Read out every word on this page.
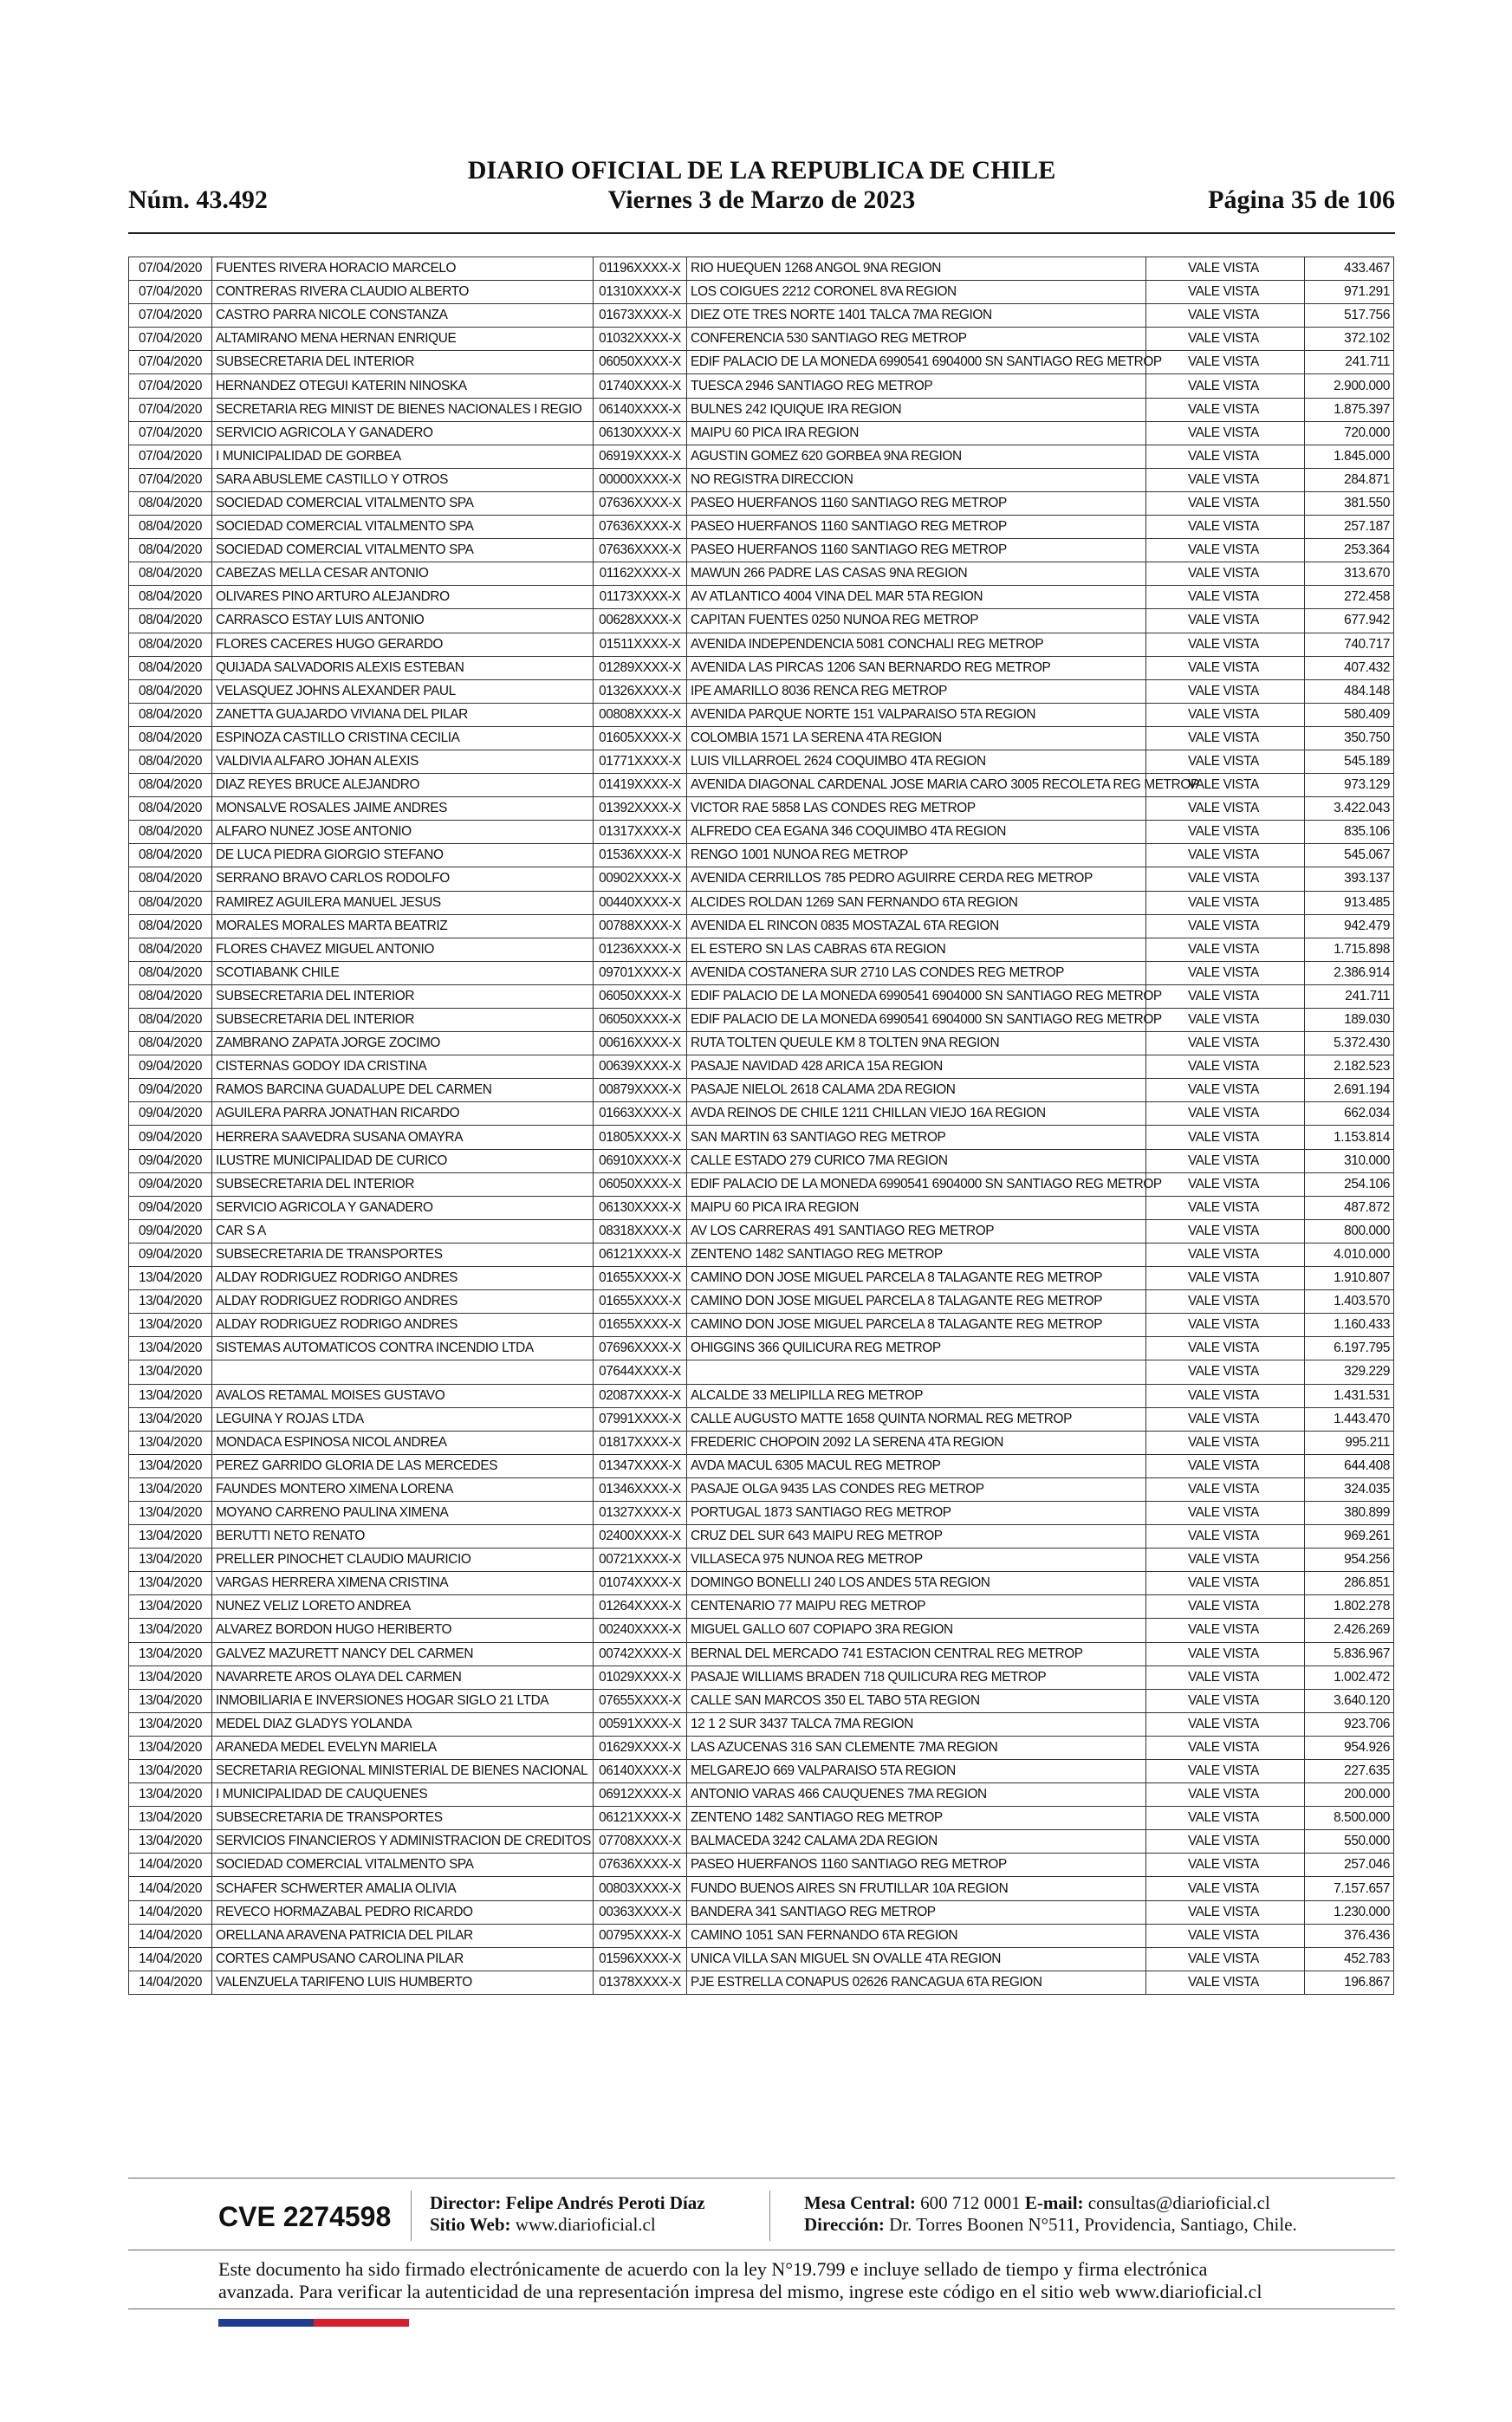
Núm. 43.492
DIARIO OFICIAL DE LA REPUBLICA DE CHILE
Viernes 3 de Marzo de 2023	Página 35 de 106
07/04/2020	FUENTES RIVERA HORACIO MARCELO	01196XXXX-X	RIO HUEQUEN 1268 ANGOL 9NA REGION	VALE VISTA	433.467
07/04/2020	CONTRERAS RIVERA CLAUDIO ALBERTO	01310XXXX-X	LOS COIGUES 2212 CORONEL 8VA REGION	VALE VISTA	971.291
07/04/2020	CASTRO PARRA NICOLE CONSTANZA	01673XXXX-X	DIEZ OTE TRES NORTE 1401 TALCA 7MA REGION	VALE VISTA	517.756
07/04/2020	ALTAMIRANO MENA HERNAN ENRIQUE	01032XXXX-X	CONFERENCIA 530 SANTIAGO REG METROP	VALE VISTA	372.102
07/04/2020	SUBSECRETARIA DEL INTERIOR	06050XXXX-X	EDIF PALACIO DE LA MONEDA 6990541 6904000 SN SANTIAGO REG METROP	VALE VISTA	241.711
07/04/2020	HERNANDEZ OTEGUI KATERIN NINOSKA	01740XXXX-X	TUESCA 2946 SANTIAGO REG METROP	VALE VISTA	2.900.000
07/04/2020	SECRETARIA REG MINIST DE BIENES NACIONALES I REGIO	06140XXXX-X	BULNES 242 IQUIQUE IRA REGION	VALE VISTA	1.875.397
07/04/2020	SERVICIO AGRICOLA Y GANADERO	06130XXXX-X	MAIPU 60 PICA IRA REGION	VALE VISTA	720.000
07/04/2020	I MUNICIPALIDAD DE GORBEA	06919XXXX-X	AGUSTIN GOMEZ 620 GORBEA 9NA REGION	VALE VISTA	1.845.000
07/04/2020	SARA ABUSLEME CASTILLO Y OTROS	00000XXXX-X	NO REGISTRA DIRECCION	VALE VISTA	284.871
08/04/2020	SOCIEDAD COMERCIAL VITALMENTO SPA	07636XXXX-X	PASEO HUERFANOS 1160 SANTIAGO REG METROP	VALE VISTA	381.550
08/04/2020	SOCIEDAD COMERCIAL VITALMENTO SPA	07636XXXX-X	PASEO HUERFANOS 1160 SANTIAGO REG METROP	VALE VISTA	257.187
08/04/2020	SOCIEDAD COMERCIAL VITALMENTO SPA	07636XXXX-X	PASEO HUERFANOS 1160 SANTIAGO REG METROP	VALE VISTA	253.364
08/04/2020	CABEZAS MELLA CESAR ANTONIO	01162XXXX-X	MAWUN 266 PADRE LAS CASAS 9NA REGION	VALE VISTA	313.670
08/04/2020	OLIVARES PINO ARTURO ALEJANDRO	01173XXXX-X	AV ATLANTICO 4004 VINA DEL MAR 5TA REGION	VALE VISTA	272.458
08/04/2020	CARRASCO ESTAY LUIS ANTONIO	00628XXXX-X	CAPITAN FUENTES 0250 NUNOA REG METROP	VALE VISTA	677.942
08/04/2020	FLORES CACERES HUGO GERARDO	01511XXXX-X	AVENIDA INDEPENDENCIA 5081 CONCHALI REG METROP	VALE VISTA	740.717
08/04/2020	QUIJADA SALVADORIS ALEXIS ESTEBAN	01289XXXX-X	AVENIDA LAS PIRCAS 1206 SAN BERNARDO REG METROP	VALE VISTA	407.432
08/04/2020	VELASQUEZ JOHNS ALEXANDER PAUL	01326XXXX-X	IPE AMARILLO 8036 RENCA REG METROP	VALE VISTA	484.148
08/04/2020	ZANETTA GUAJARDO VIVIANA DEL PILAR	00808XXXX-X	AVENIDA PARQUE NORTE 151 VALPARAISO 5TA REGION	VALE VISTA	580.409
08/04/2020	ESPINOZA CASTILLO CRISTINA CECILIA	01605XXXX-X	COLOMBIA 1571 LA SERENA 4TA REGION	VALE VISTA	350.750
08/04/2020	VALDIVIA ALFARO JOHAN ALEXIS	01771XXXX-X	LUIS VILLARROEL 2624 COQUIMBO 4TA REGION	VALE VISTA	545.189
08/04/2020	DIAZ REYES BRUCE ALEJANDRO	01419XXXX-X	AVENIDA DIAGONAL CARDENAL JOSE MARIA CARO 3005 RECOLETA REG METROP	VALE VISTA	973.129
08/04/2020	MONSALVE ROSALES JAIME ANDRES	01392XXXX-X	VICTOR RAE 5858 LAS CONDES REG METROP	VALE VISTA	3.422.043
08/04/2020	ALFARO NUNEZ JOSE ANTONIO	01317XXXX-X	ALFREDO CEA EGANA 346 COQUIMBO 4TA REGION	VALE VISTA	835.106
08/04/2020	DE LUCA PIEDRA GIORGIO STEFANO	01536XXXX-X	RENGO 1001 NUNOA REG METROP	VALE VISTA	545.067
08/04/2020	SERRANO BRAVO CARLOS RODOLFO	00902XXXX-X	AVENIDA CERRILLOS 785 PEDRO AGUIRRE CERDA REG METROP	VALE VISTA	393.137
08/04/2020	RAMIREZ AGUILERA MANUEL JESUS	00440XXXX-X	ALCIDES ROLDAN 1269 SAN FERNANDO 6TA REGION	VALE VISTA	913.485
08/04/2020	MORALES MORALES MARTA BEATRIZ	00788XXXX-X	AVENIDA EL RINCON 0835 MOSTAZAL 6TA REGION	VALE VISTA	942.479
08/04/2020	FLORES CHAVEZ MIGUEL ANTONIO	01236XXXX-X	EL ESTERO SN LAS CABRAS 6TA REGION	VALE VISTA	1.715.898
08/04/2020	SCOTIABANK CHILE	09701XXXX-X	AVENIDA COSTANERA SUR 2710 LAS CONDES REG METROP	VALE VISTA	2.386.914
08/04/2020	SUBSECRETARIA DEL INTERIOR	06050XXXX-X	EDIF PALACIO DE LA MONEDA 6990541 6904000 SN SANTIAGO REG METROP	VALE VISTA	241.711
08/04/2020	SUBSECRETARIA DEL INTERIOR	06050XXXX-X	EDIF PALACIO DE LA MONEDA 6990541 6904000 SN SANTIAGO REG METROP	VALE VISTA	189.030
08/04/2020	ZAMBRANO ZAPATA JORGE ZOCIMO	00616XXXX-X	RUTA TOLTEN QUEULE KM 8 TOLTEN 9NA REGION	VALE VISTA	5.372.430
09/04/2020	CISTERNAS GODOY IDA CRISTINA	00639XXXX-X	PASAJE NAVIDAD 428 ARICA 15A REGION	VALE VISTA	2.182.523
09/04/2020	RAMOS BARCINA GUADALUPE DEL CARMEN	00879XXXX-X	PASAJE NIELOL 2618 CALAMA 2DA REGION	VALE VISTA	2.691.194
09/04/2020	AGUILERA PARRA JONATHAN RICARDO	01663XXXX-X	AVDA REINOS DE CHILE 1211 CHILLAN VIEJO 16A REGION	VALE VISTA	662.034
09/04/2020	HERRERA SAAVEDRA SUSANA OMAYRA	01805XXXX-X	SAN MARTIN 63 SANTIAGO REG METROP	VALE VISTA	1.153.814
09/04/2020	ILUSTRE MUNICIPALIDAD DE CURICO	06910XXXX-X	CALLE ESTADO 279 CURICO 7MA REGION	VALE VISTA	310.000
09/04/2020	SUBSECRETARIA DEL INTERIOR	06050XXXX-X	EDIF PALACIO DE LA MONEDA 6990541 6904000 SN SANTIAGO REG METROP	VALE VISTA	254.106
09/04/2020	SERVICIO AGRICOLA Y GANADERO	06130XXXX-X	MAIPU 60 PICA IRA REGION	VALE VISTA	487.872
09/04/2020	CAR S A	08318XXXX-X	AV LOS CARRERAS 491 SANTIAGO REG METROP	VALE VISTA	800.000
09/04/2020	SUBSECRETARIA DE TRANSPORTES	06121XXXX-X	ZENTENO 1482 SANTIAGO REG METROP	VALE VISTA	4.010.000
13/04/2020	ALDAY RODRIGUEZ RODRIGO ANDRES	01655XXXX-X	CAMINO DON JOSE MIGUEL PARCELA 8 TALAGANTE REG METROP	VALE VISTA	1.910.807
13/04/2020	ALDAY RODRIGUEZ RODRIGO ANDRES	01655XXXX-X	CAMINO DON JOSE MIGUEL PARCELA 8 TALAGANTE REG METROP	VALE VISTA	1.403.570
13/04/2020	ALDAY RODRIGUEZ RODRIGO ANDRES	01655XXXX-X	CAMINO DON JOSE MIGUEL PARCELA 8 TALAGANTE REG METROP	VALE VISTA	1.160.433
13/04/2020	SISTEMAS AUTOMATICOS CONTRA INCENDIO LTDA	07696XXXX-X	OHIGGINS 366 QUILICURA REG METROP	VALE VISTA	6.197.795
13/04/2020		07644XXXX-X		VALE VISTA	329.229
13/04/2020	AVALOS RETAMAL MOISES GUSTAVO	02087XXXX-X	ALCALDE 33 MELIPILLA REG METROP	VALE VISTA	1.431.531
13/04/2020	LEGUINA Y ROJAS LTDA	07991XXXX-X	CALLE AUGUSTO MATTE 1658 QUINTA NORMAL REG METROP	VALE VISTA	1.443.470
13/04/2020	MONDACA ESPINOSA NICOL ANDREA	01817XXXX-X	FREDERIC CHOPOIN 2092 LA SERENA 4TA REGION	VALE VISTA	995.211
13/04/2020	PEREZ GARRIDO GLORIA DE LAS MERCEDES	01347XXXX-X	AVDA MACUL 6305 MACUL REG METROP	VALE VISTA	644.408
13/04/2020	FAUNDES MONTERO XIMENA LORENA	01346XXXX-X	PASAJE OLGA 9435 LAS CONDES REG METROP	VALE VISTA	324.035
13/04/2020	MOYANO CARRENO PAULINA XIMENA	01327XXXX-X	PORTUGAL 1873 SANTIAGO REG METROP	VALE VISTA	380.899
13/04/2020	BERUTTI NETO RENATO	02400XXXX-X	CRUZ DEL SUR 643 MAIPU REG METROP	VALE VISTA	969.261
13/04/2020	PRELLER PINOCHET CLAUDIO MAURICIO	00721XXXX-X	VILLASECA 975 NUNOA REG METROP	VALE VISTA	954.256
13/04/2020	VARGAS HERRERA XIMENA CRISTINA	01074XXXX-X	DOMINGO BONELLI 240 LOS ANDES 5TA REGION	VALE VISTA	286.851
13/04/2020	NUNEZ VELIZ LORETO ANDREA	01264XXXX-X	CENTENARIO 77 MAIPU REG METROP	VALE VISTA	1.802.278
13/04/2020	ALVAREZ BORDON HUGO HERIBERTO	00240XXXX-X	MIGUEL GALLO 607 COPIAPO 3RA REGION	VALE VISTA	2.426.269
13/04/2020	GALVEZ MAZURETT NANCY DEL CARMEN	00742XXXX-X	BERNAL DEL MERCADO 741 ESTACION CENTRAL REG METROP	VALE VISTA	5.836.967
13/04/2020	NAVARRETE AROS OLAYA DEL CARMEN	01029XXXX-X	PASAJE WILLIAMS BRADEN 718 QUILICURA REG METROP	VALE VISTA	1.002.472
13/04/2020	INMOBILIARIA E INVERSIONES HOGAR SIGLO 21 LTDA	07655XXXX-X	CALLE SAN MARCOS 350 EL TABO 5TA REGION	VALE VISTA	3.640.120
13/04/2020	MEDEL DIAZ GLADYS YOLANDA	00591XXXX-X	12 1 2 SUR 3437 TALCA 7MA REGION	VALE VISTA	923.706
13/04/2020	ARANEDA MEDEL EVELYN MARIELA	01629XXXX-X	LAS AZUCENAS 316 SAN CLEMENTE 7MA REGION	VALE VISTA	954.926
13/04/2020	SECRETARIA REGIONAL MINISTERIAL DE BIENES NACIONAL	06140XXXX-X	MELGAREJO 669 VALPARAISO 5TA REGION	VALE VISTA	227.635
13/04/2020	I MUNICIPALIDAD DE CAUQUENES	06912XXXX-X	ANTONIO VARAS 466 CAUQUENES 7MA REGION	VALE VISTA	200.000
13/04/2020	SUBSECRETARIA DE TRANSPORTES	06121XXXX-X	ZENTENO 1482 SANTIAGO REG METROP	VALE VISTA	8.500.000
13/04/2020	SERVICIOS FINANCIEROS Y ADMINISTRACION DE CREDITOS	07708XXXX-X	BALMACEDA 3242 CALAMA 2DA REGION	VALE VISTA	550.000
14/04/2020	SOCIEDAD COMERCIAL VITALMENTO SPA	07636XXXX-X	PASEO HUERFANOS 1160 SANTIAGO REG METROP	VALE VISTA	257.046
14/04/2020	SCHAFER SCHWERTER AMALIA OLIVIA	00803XXXX-X	FUNDO BUENOS AIRES SN FRUTILLAR 10A REGION	VALE VISTA	7.157.657
14/04/2020	REVECO HORMAZABAL PEDRO RICARDO	00363XXXX-X	BANDERA 341 SANTIAGO REG METROP	VALE VISTA	1.230.000
14/04/2020	ORELLANA ARAVENA PATRICIA DEL PILAR	00795XXXX-X	CAMINO 1051 SAN FERNANDO 6TA REGION	VALE VISTA	376.436
14/04/2020	CORTES CAMPUSANO CAROLINA PILAR	01596XXXX-X	UNICA VILLA SAN MIGUEL SN OVALLE 4TA REGION	VALE VISTA	452.783
14/04/2020	VALENZUELA TARIFENO LUIS HUMBERTO	01378XXXX-X	PJE ESTRELLA CONAPUS 02626 RANCAGUA 6TA REGION	VALE VISTA	196.867
CVE 2274598 Director: Felipe Andrés Peroti Díaz
Sitio Web: www.diarioficial.cl
Mesa Central: 600 712 0001 E-mail: consultas@diarioficial.cl
Dirección: Dr. Torres Boonen N°511, Providencia, Santiago, Chile.
Este documento ha sido firmado electrónicamente de acuerdo con la ley N°19.799 e incluye sellado de tiempo y firma electrónica
avanzada. Para verificar la autenticidad de una representación impresa del mismo, ingrese este código en el sitio web www.diarioficial.cl
